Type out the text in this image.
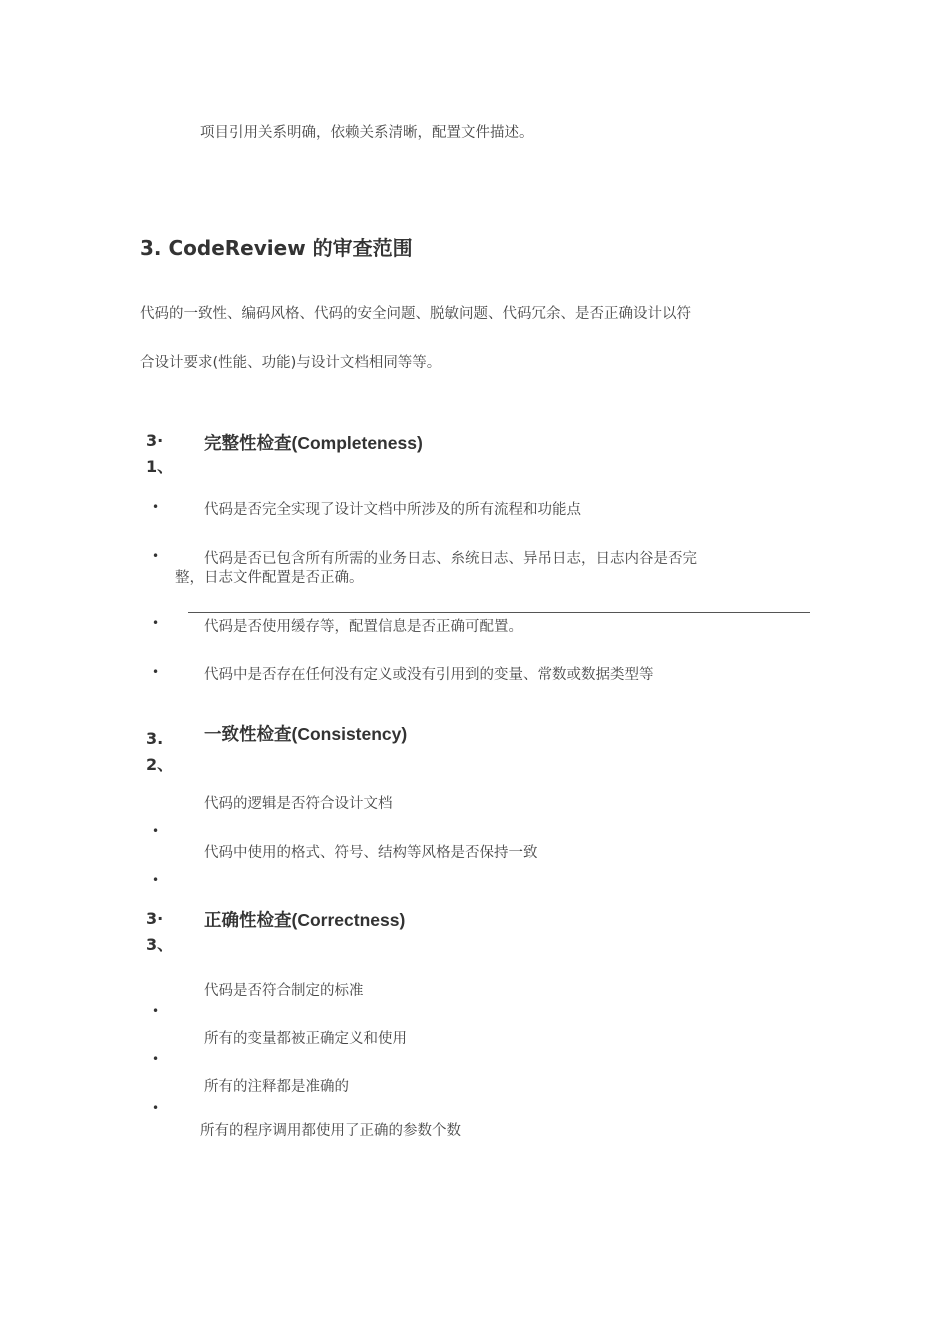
项目引用关系明确，依赖关系清晰，配置文件描述。
3. CodeReview 的审查范围
代码的一致性、编码风格、代码的安全问题、脱敏问题、代码冗余、是否正确设计以符
合设计要求(性能、功能)与设计文档相同等等。
3·
1、
完整性检查(Completeness)
•	代码是否完全实现了设计文档中所涉及的所有流程和功能点
•	代码是否已包含所有所需的业务日志、糸统日志、异吊日志，日志内谷是否完
整，日志文件配置是否正确。
•	代码是否使用缓存等，配置信息是否正确可配置。
•	代码中是否存在任何没有定义或没有引用到的变量、常数或数据类型等
3.
2、
一致性检查(Consistency)
代码的逻辑是否符合设计文档
•
代码中使用的格式、符号、结构等风格是否保持一致
•
3·
3、
正确性检查(Correctness)
代码是否符合制定的标准
•
所有的变量都被正确定义和使用
•
所有的注释都是准确的
•
所有的程序调用都使用了正确的参数个数
